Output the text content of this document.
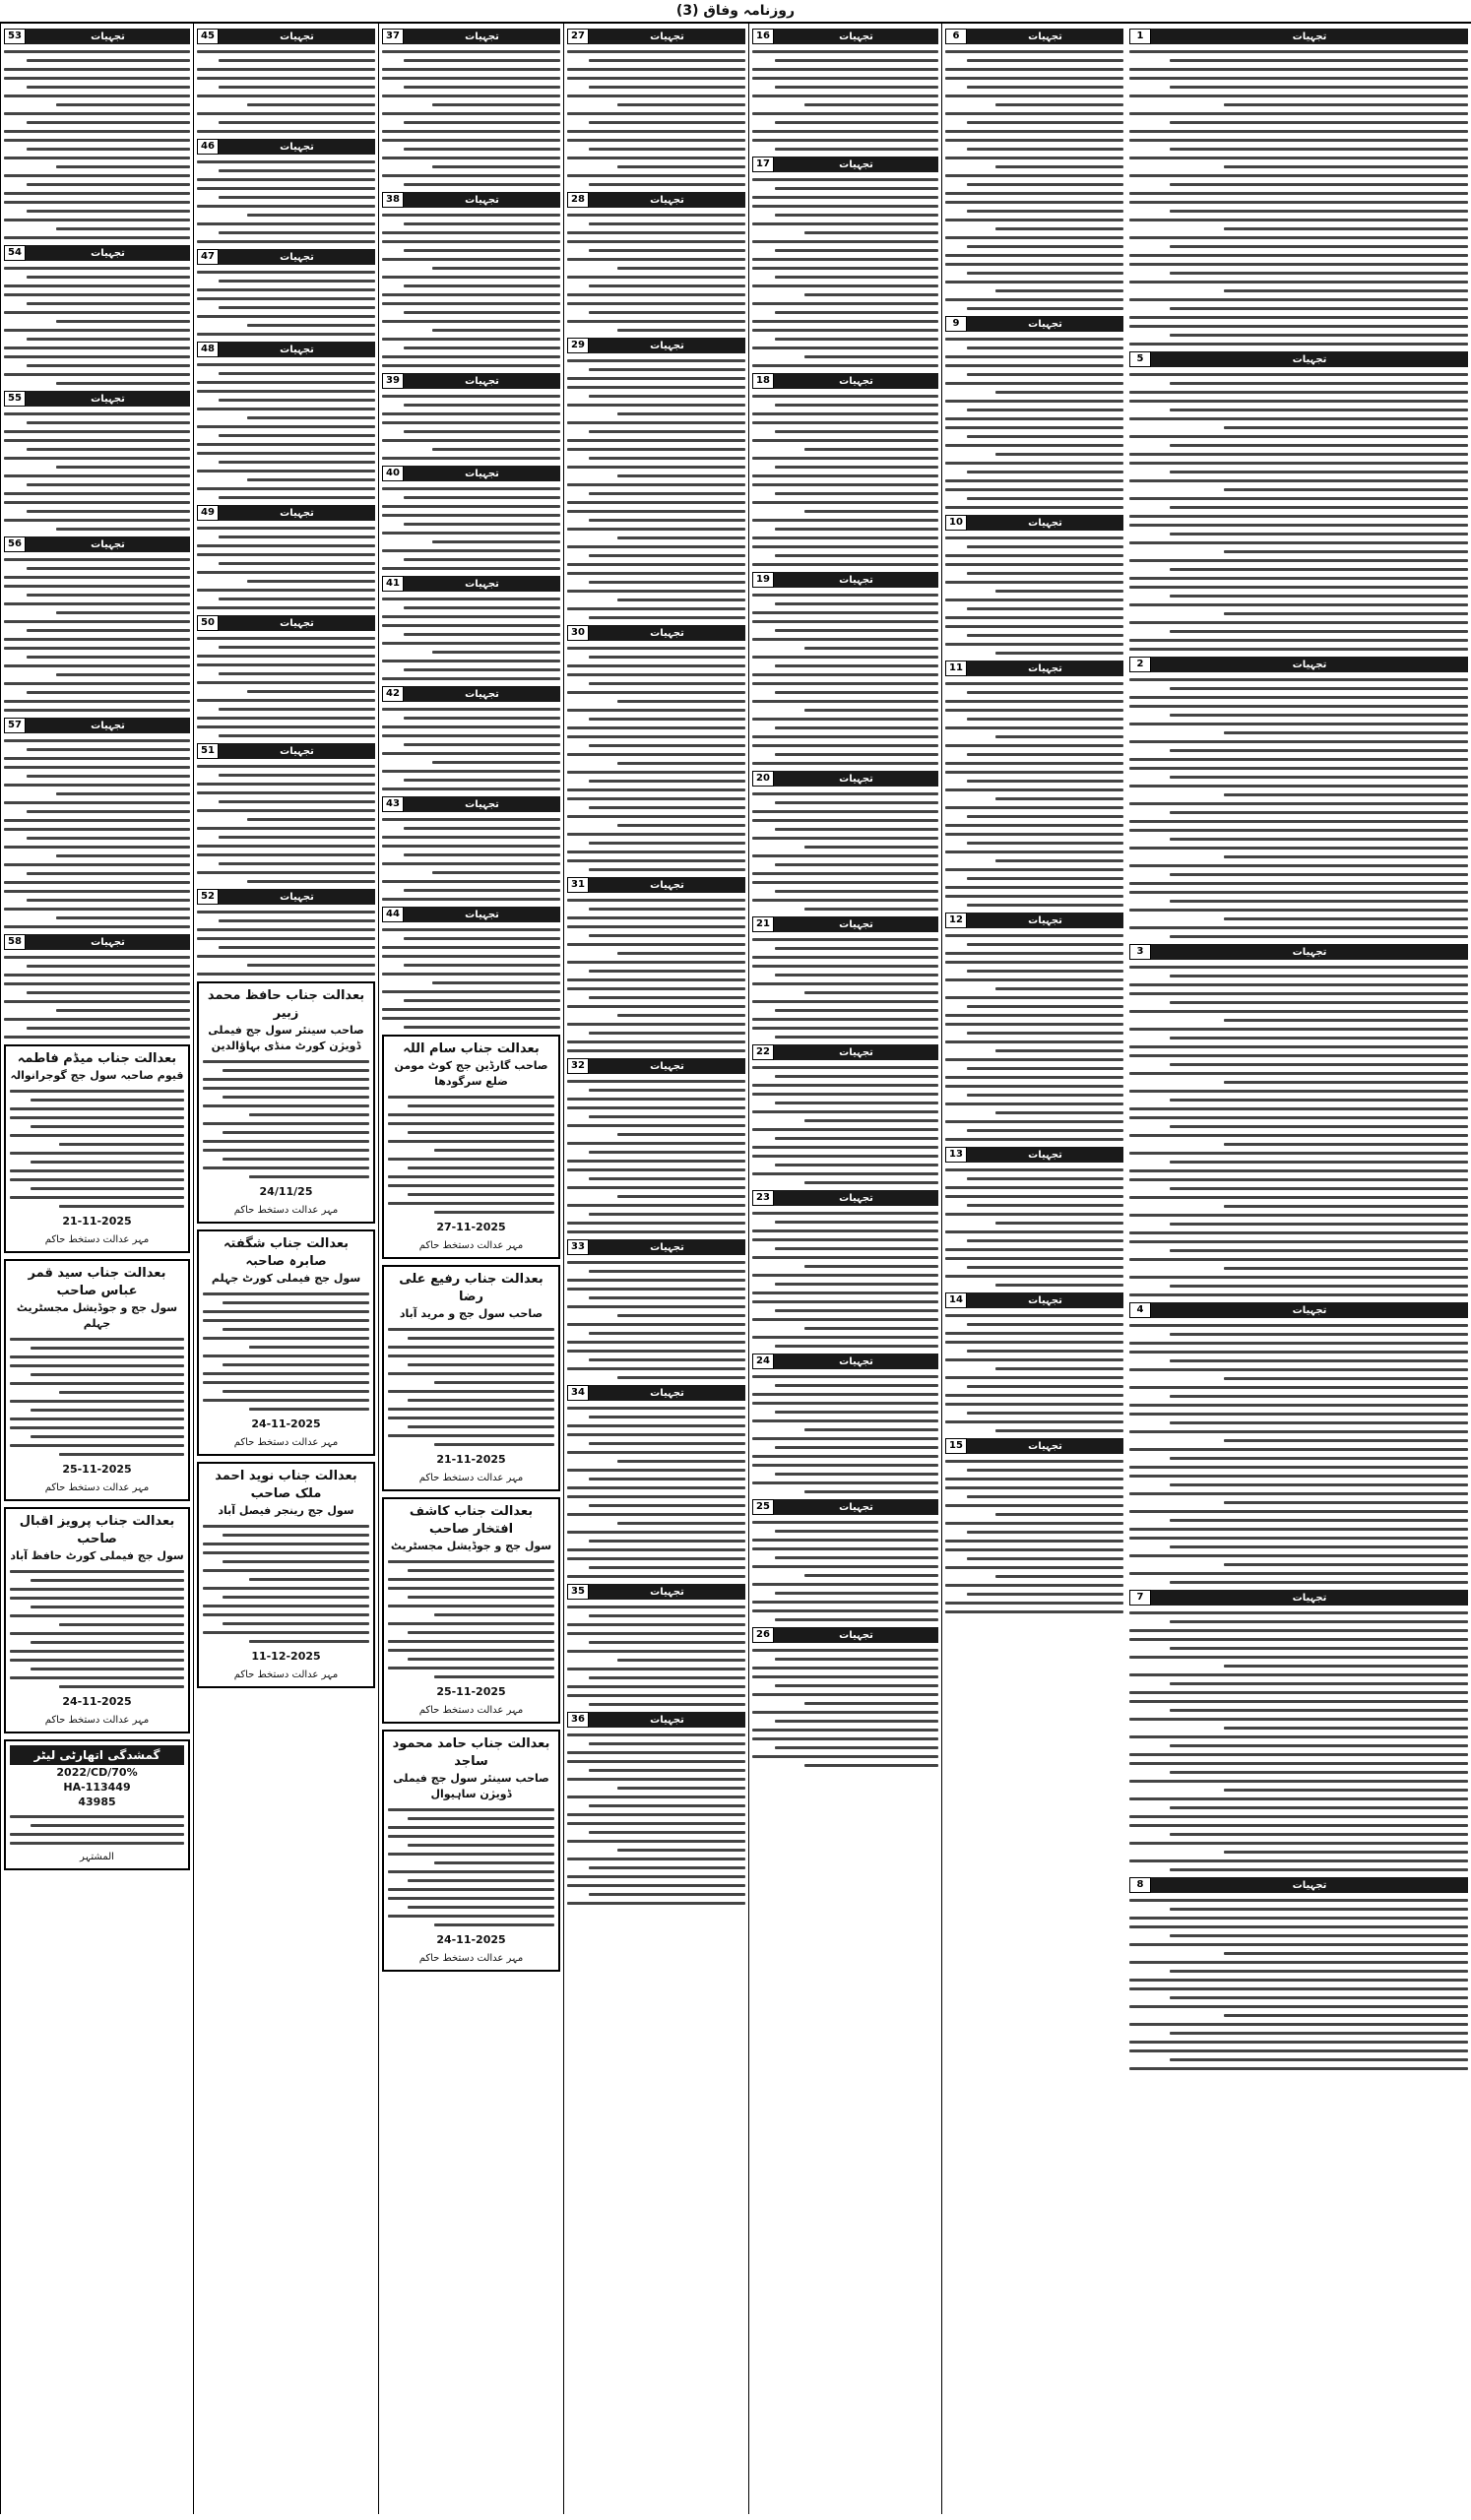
روزنامہ وفاق (3)
53	تجہیات
54	تجہیات
55	تجہیات
56	تجہیات
57	تجہیات
58	تجہیات
بعدالت جناب میڈم فاطمہ
قیوم صاحبہ سول جج گوجرانوالہ
21-11-2025
مہر عدالت دستخط حاکم
بعدالت جناب سید قمر عباس صاحب
سول جج و جوڈیشل مجسٹریٹ جہلم
25-11-2025
مہر عدالت دستخط حاکم
بعدالت جناب پرویز اقبال صاحب
سول جج فیملی کورٹ حافظ آباد
24-11-2025
مہر عدالت دستخط حاکم
گمشدگی اتھارٹی لیٹر
2022/CD/70%
HA-113449
43985
المشتہر
45	تجہیات
46	تجہیات
47	تجہیات
48	تجہیات
49	تجہیات
50	تجہیات
51	تجہیات
52	تجہیات
بعدالت جناب حافظ محمد زبیر
صاحب سینئر سول جج فیملی ڈویژن کورٹ منڈی بہاؤالدین
24/11/25
مہر عدالت دستخط حاکم
بعدالت جناب شگفتہ صابرہ صاحبہ
سول جج فیملی کورٹ جہلم
24-11-2025
مہر عدالت دستخط حاکم
بعدالت جناب نوید احمد ملک صاحب
سول جج رینجر فیصل آباد
11-12-2025
مہر عدالت دستخط حاکم
37	تجہیات
38	تجہیات
39	تجہیات
40	تجہیات
41	تجہیات
42	تجہیات
43	تجہیات
44	تجہیات
بعدالت جناب سام اللہ
صاحب گارڈین جج کوٹ مومن ضلع سرگودھا
27-11-2025
مہر عدالت دستخط حاکم
بعدالت جناب رفیع علی رضا
صاحب سول جج و مرید آباد
21-11-2025
مہر عدالت دستخط حاکم
بعدالت جناب کاشف افتخار صاحب
سول جج و جوڈیشل مجسٹریٹ
25-11-2025
مہر عدالت دستخط حاکم
بعدالت جناب حامد محمود ساجد
صاحب سینئر سول جج فیملی ڈویژن ساہیوال
24-11-2025
مہر عدالت دستخط حاکم
27	تجہیات
28	تجہیات
29	تجہیات
30	تجہیات
31	تجہیات
32	تجہیات
33	تجہیات
34	تجہیات
35	تجہیات
36	تجہیات
16	تجہیات
17	تجہیات
18	تجہیات
19	تجہیات
20	تجہیات
21	تجہیات
22	تجہیات
23	تجہیات
24	تجہیات
25	تجہیات
26	تجہیات
6	تجہیات
9	تجہیات
10	تجہیات
11	تجہیات
12	تجہیات
13	تجہیات
14	تجہیات
15	تجہیات
1	تجہیات
5	تجہیات
2	تجہیات
3	تجہیات
4	تجہیات
7	تجہیات
8	تجہیات
